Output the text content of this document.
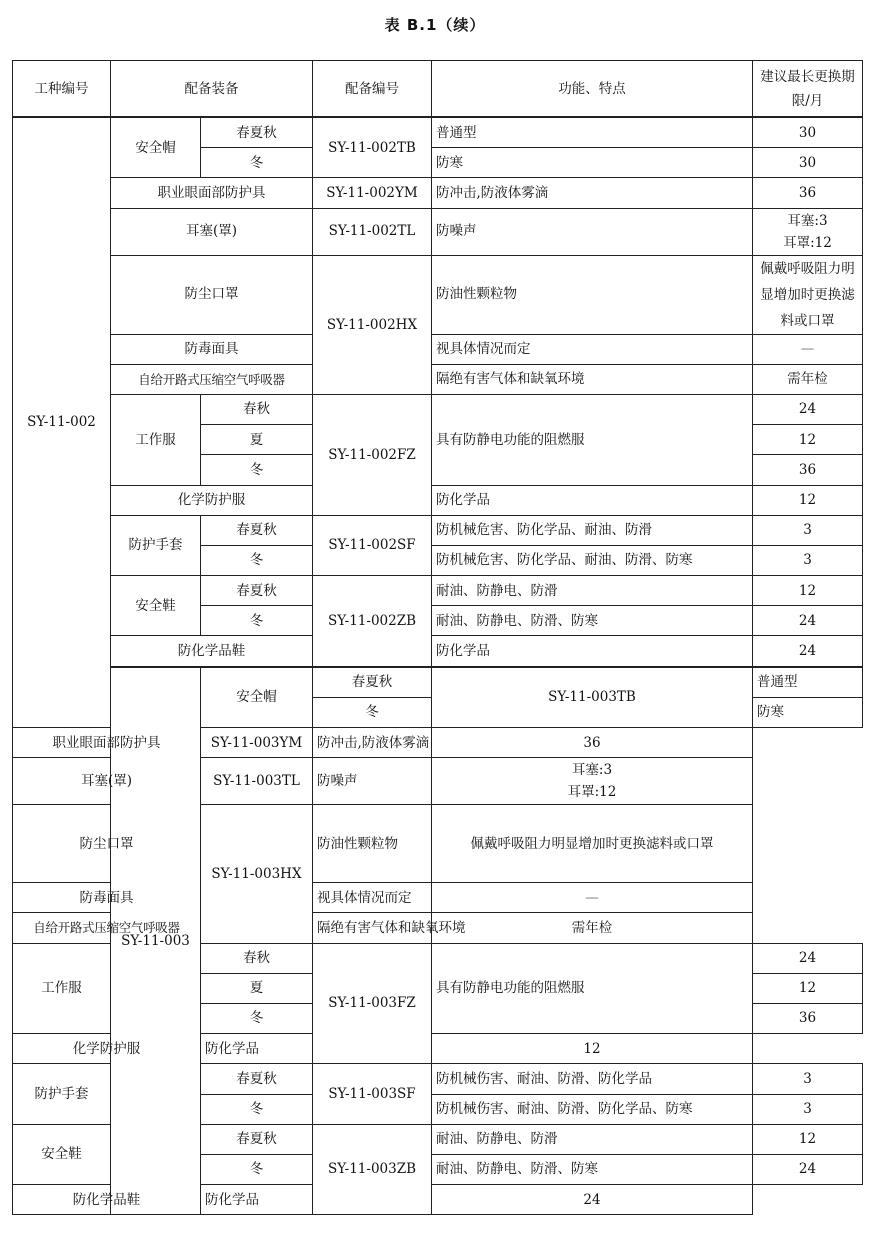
表 B.1（续）
工种编号	配备装备		配备编号	功能、特点	建议最长更换期限/月	
SY-11-002	安全帽	春夏秋	SY-11-002TB	普通型	30	
		冬		防寒	30	
	职业眼面部防护具		SY-11-002YM	防冲击,防液体雾滴	36	
	耳塞(罩)		SY-11-002TL	防噪声	耳塞:3
耳罩:12	
	防尘口罩		SY-11-002HX	防油性颗粒物	佩戴呼吸阻力明显增加时更换滤料或口罩	
	防毒面具			视具体情况而定	—	
	自给开路式压缩空气呼吸器			隔绝有害气体和缺氧环境	需年检	
	工作服	春秋	SY-11-002FZ	具有防静电功能的阻燃服	24	
		夏			12	
		冬			36	
	化学防护服			防化学品	12	
	防护手套	春夏秋	SY-11-002SF	防机械危害、防化学品、耐油、防滑	3	
		冬		防机械危害、防化学品、耐油、防滑、防寒	3	
	安全鞋	春夏秋	SY-11-002ZB	耐油、防静电、防滑	12	
		冬		耐油、防静电、防滑、防寒	24	
	防化学品鞋			防化学品	24	
	SY-11-003	安全帽	春夏秋	SY-11-003TB	普通型	
			冬		防寒	
职业眼面部防护具		SY-11-003YM	防冲击,防液体雾滴	36		
耳塞(罩)		SY-11-003TL	防噪声	耳塞:3
耳罩:12		
防尘口罩		SY-11-003HX	防油性颗粒物	佩戴呼吸阻力明显增加时更换滤料或口罩		
防毒面具			视具体情况而定	—		
自给开路式压缩空气呼吸器			隔绝有害气体和缺氧环境	需年检		
工作服		春秋	SY-11-003FZ	具有防静电功能的阻燃服	24	
		夏			12	
		冬			36	
化学防护服		防化学品		12		
防护手套		春夏秋	SY-11-003SF	防机械伤害、耐油、防滑、防化学品	3	
		冬		防机械伤害、耐油、防滑、防化学品、防寒	3	
安全鞋		春夏秋	SY-11-003ZB	耐油、防静电、防滑	12	
		冬		耐油、防静电、防滑、防寒	24	
防化学品鞋		防化学品		24		
